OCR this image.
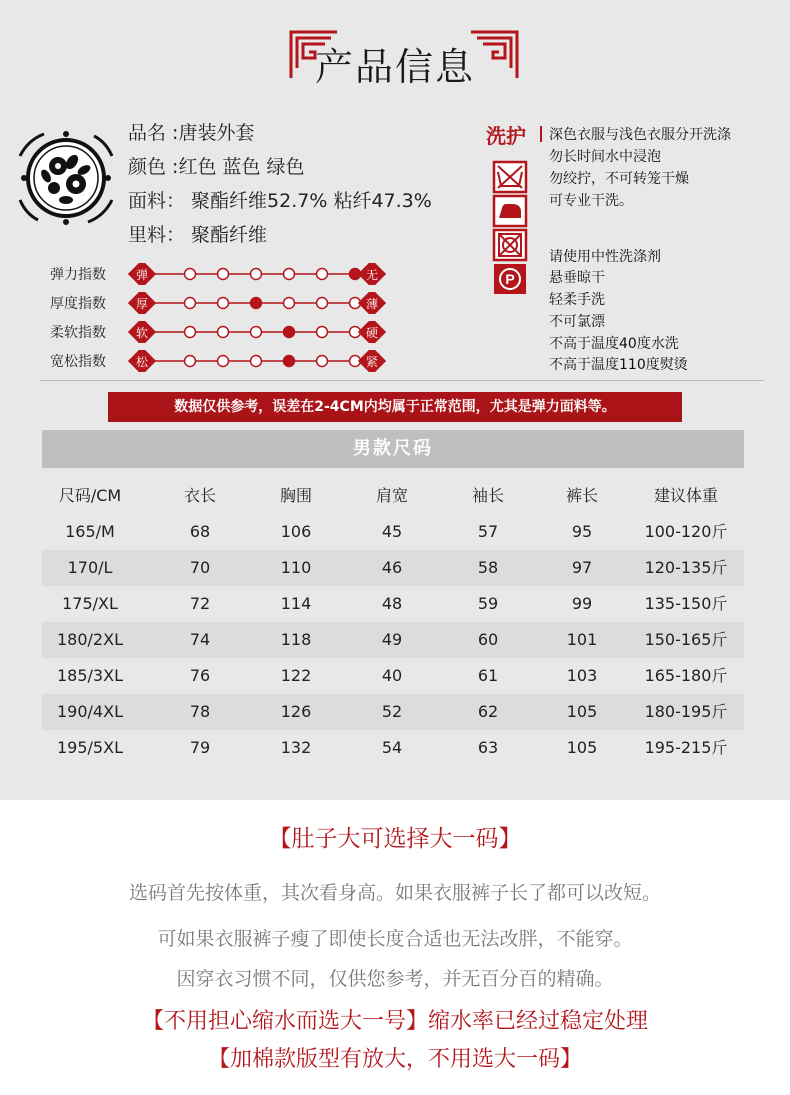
产品信息
品名 :唐装外套
颜色 :红色 蓝色 绿色
面料： 聚酯纤维52.7% 粘纤47.3%
里料： 聚酯纤维
弹力指数 弹	无
厚度指数 厚	薄
柔软指数 软	硬
宽松指数 松	紧
洗护 深色衣服与浅色衣服分开洗涤
勿长时间水中浸泡
勿绞拧，不可转笼干燥
可专业干洗。
请使用中性洗涤剂
悬垂晾干
轻柔手洗
不可氯漂
不高于温度40度水洗
不高于温度110度熨烫
P
数据仅供参考，误差在2-4CM内均属于正常范围，尤其是弹力面料等。
男款尺码
尺码/CM	衣长	胸围	肩宽	袖长	裤长	建议体重
165/M	68	106	45	57	95	100-120斤
170/L	70	110	46	58	97	120-135斤
175/XL	72	114	48	59	99	135-150斤
180/2XL	74	118	49	60	101	150-165斤
185/3XL	76	122	40	61	103	165-180斤
190/4XL	78	126	52	62	105	180-195斤
195/5XL	79	132	54	63	105	195-215斤
【肚子大可选择大一码】
选码首先按体重，其次看身高。如果衣服裤子长了都可以改短。
可如果衣服裤子瘦了即使长度合适也无法改胖，不能穿。
因穿衣习惯不同，仅供您参考，并无百分百的精确。
【不用担心缩水而选大一号】缩水率已经过稳定处理
【加棉款版型有放大，不用选大一码】
